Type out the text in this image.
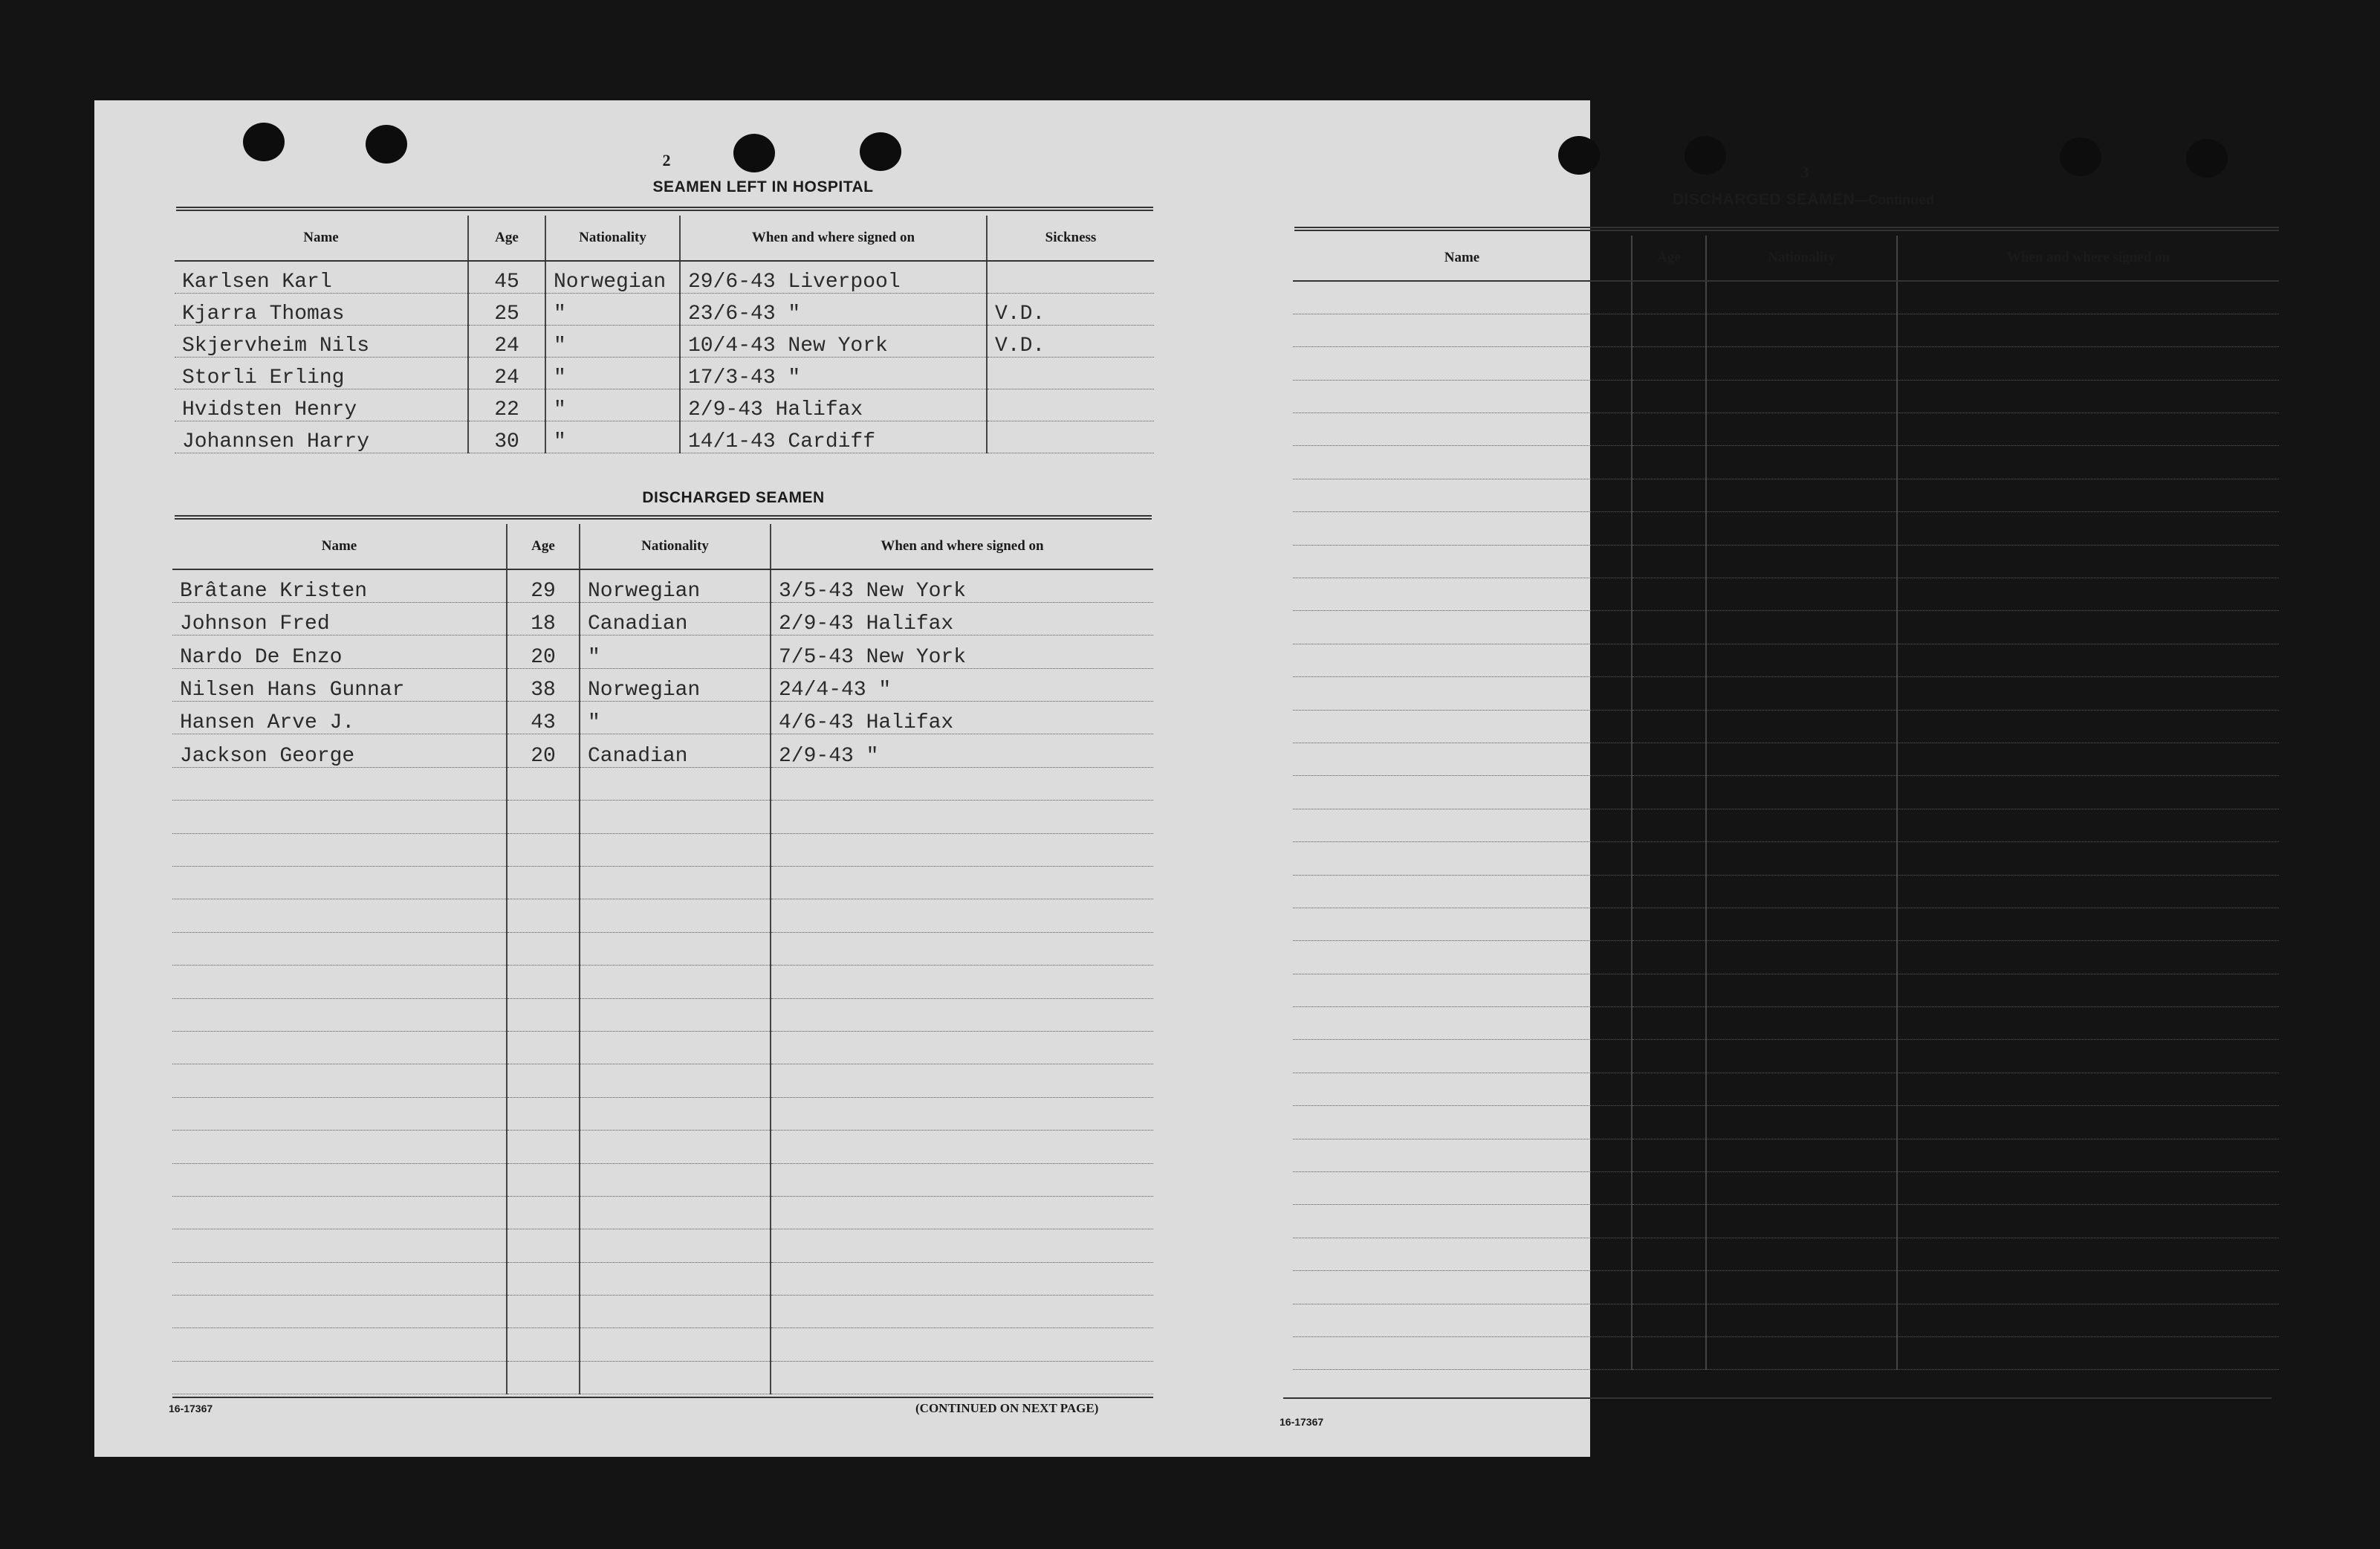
2
SEAMEN LEFT IN HOSPITAL
Name	Age	Nationality	When and where signed on	Sickness
Karlsen Karl	45	Norwegian	29/6-43 Liverpool	
Kjarra Thomas	25	"	23/6-43 "	V.D.
Skjervheim Nils	24	"	10/4-43 New York	V.D.
Storli Erling	24	"	17/3-43 "	
Hvidsten Henry	22	"	2/9-43 Halifax	
Johannsen Harry	30	"	14/1-43 Cardiff	
DISCHARGED SEAMEN
Name	Age	Nationality	When and where signed on
Brâtane Kristen	29	Norwegian	3/5-43 New York
Johnson Fred	18	Canadian	2/9-43 Halifax
Nardo De Enzo	20	"	7/5-43 New York
Nilsen Hans Gunnar	38	Norwegian	24/4-43 "
Hansen Arve J.	43	"	4/6-43 Halifax
Jackson George	20	Canadian	2/9-43 "

16-17367	(CONTINUED ON NEXT PAGE)
3
DISCHARGED SEAMEN—Continued
Name	Age	Nationality	When and where signed on

16-17367
